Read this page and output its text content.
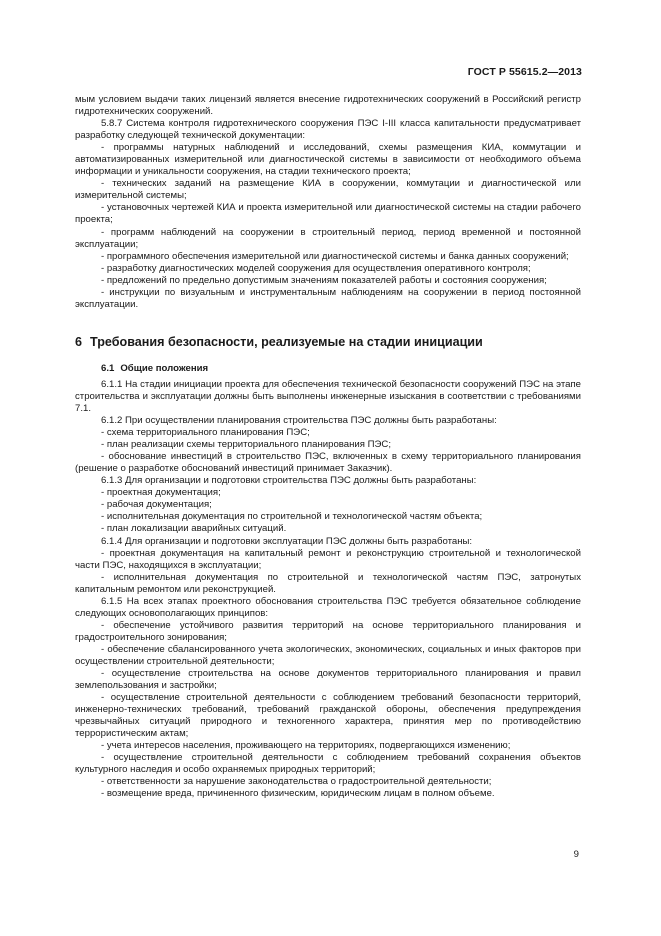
ГОСТ Р 55615.2—2013

мым условием выдачи таких лицензий является внесение гидротехнических сооружений в Российский регистр гидротехнических сооружений.

5.8.7 Система контроля гидротехнического сооружения ПЭС I-III класса капитальности предусматривает разработку следующей технической документации:

- программы натурных наблюдений и исследований, схемы размещения КИА, коммутации и автоматизированных измерительной или диагностической системы в зависимости от необходимого объема информации и уникальности сооружения, на стадии технического проекта;

- технических заданий на размещение КИА в сооружении, коммутации и диагностической или измерительной системы;

- установочных чертежей КИА и проекта измерительной или диагностической системы на стадии рабочего проекта;

- программ наблюдений на сооружении в строительный период, период временной и постоянной эксплуатации;

- программного обеспечения измерительной или диагностической системы и банка данных сооружений;

- разработку диагностических моделей сооружения для осуществления оперативного контроля;

- предложений по предельно допустимым значениям показателей работы и состояния сооружения;

- инструкции по визуальным и инструментальным наблюдениям на сооружении в период постоянной эксплуатации.

6 Требования безопасности, реализуемые на стадии инициации
6.1 Общие положения

6.1.1 На стадии инициации проекта для обеспечения технической безопасности сооружений ПЭС на этапе строительства и эксплуатации должны быть выполнены инженерные изыскания в соответствии с требованиями 7.1.

6.1.2 При осуществлении планирования строительства ПЭС должны быть разработаны:

- схема территориального планирования ПЭС;

- план реализации схемы территориального планирования ПЭС;

- обоснование инвестиций в строительство ПЭС, включенных в схему территориального планирования (решение о разработке обоснований инвестиций принимает Заказчик).

6.1.3 Для организации и подготовки строительства ПЭС должны быть разработаны:

- проектная документация;

- рабочая документация;

- исполнительная документация по строительной и технологической частям объекта;

- план локализации аварийных ситуаций.

6.1.4 Для организации и подготовки эксплуатации ПЭС должны быть разработаны:

- проектная документация на капитальный ремонт и реконструкцию строительной и технологической части ПЭС, находящихся в эксплуатации;

- исполнительная документация по строительной и технологической частям ПЭС, затронутых капитальным ремонтом или реконструкцией.

6.1.5 На всех этапах проектного обоснования строительства ПЭС требуется обязательное соблюдение следующих основополагающих принципов:

- обеспечение устойчивого развития территорий на основе территориального планирования и градостроительного зонирования;

- обеспечение сбалансированного учета экологических, экономических, социальных и иных факторов при осуществлении строительной деятельности;

- осуществление строительства на основе документов территориального планирования и правил землепользования и застройки;

- осуществление строительной деятельности с соблюдением требований безопасности территорий, инженерно-технических требований, требований гражданской обороны, обеспечения предупреждения чрезвычайных ситуаций природного и техногенного характера, принятия мер по противодействию террористическим актам;

- учета интересов населения, проживающего на территориях, подвергающихся изменению;

- осуществление строительной деятельности с соблюдением требований сохранения объектов культурного наследия и особо охраняемых природных территорий;

- ответственности за нарушение законодательства о градостроительной деятельности;

- возмещение вреда, причиненного физическим, юридическим лицам в полном объеме.

9
